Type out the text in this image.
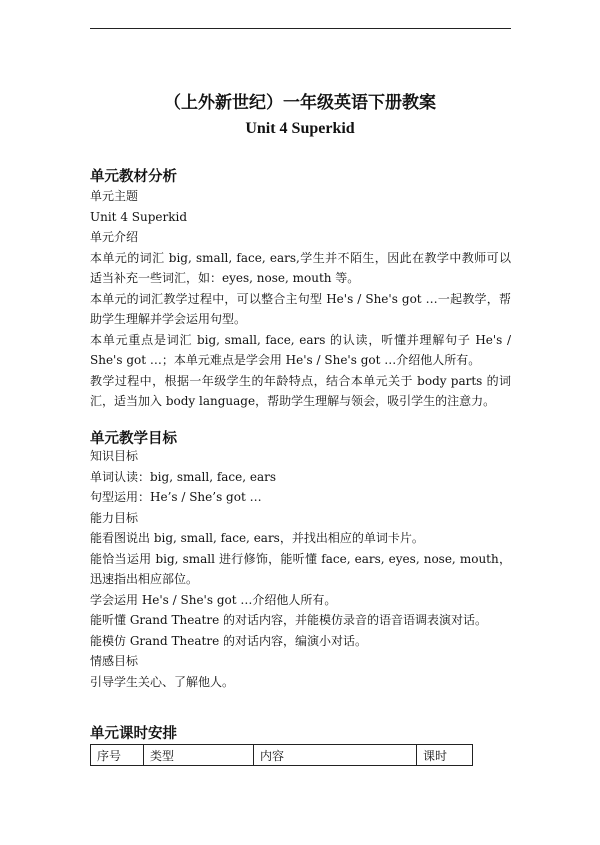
（上外新世纪）一年级英语下册教案
Unit 4 Superkid
单元教材分析

单元主题

Unit 4 Superkid

单元介绍

本单元的词汇 big, small, face, ears,学生并不陌生，因此在教学中教师可以适当补充一些词汇，如：eyes, nose, mouth 等。

本单元的词汇教学过程中，可以整合主句型 He's / She's got …一起教学，帮助学生理解并学会运用句型。

本单元重点是词汇 big, small, face, ears 的认读，听懂并理解句子 He's / She's got …；本单元难点是学会用 He's / She's got …介绍他人所有。

教学过程中，根据一年级学生的年龄特点，结合本单元关于 body parts 的词汇，适当加入 body language，帮助学生理解与领会，吸引学生的注意力。

单元教学目标

知识目标

单词认读：big, small, face, ears

句型运用：He’s / She’s got …

能力目标

能看图说出 big, small, face, ears，并找出相应的单词卡片。

能恰当运用 big, small 进行修饰，能听懂 face, ears, eyes, nose, mouth，迅速指出相应部位。

学会运用 He's / She's got …介绍他人所有。

能听懂 Grand Theatre 的对话内容，并能模仿录音的语音语调表演对话。

能模仿 Grand Theatre 的对话内容，编演小对话。

情感目标

引导学生关心、了解他人。

单元课时安排
序号	类型	内容	课时
